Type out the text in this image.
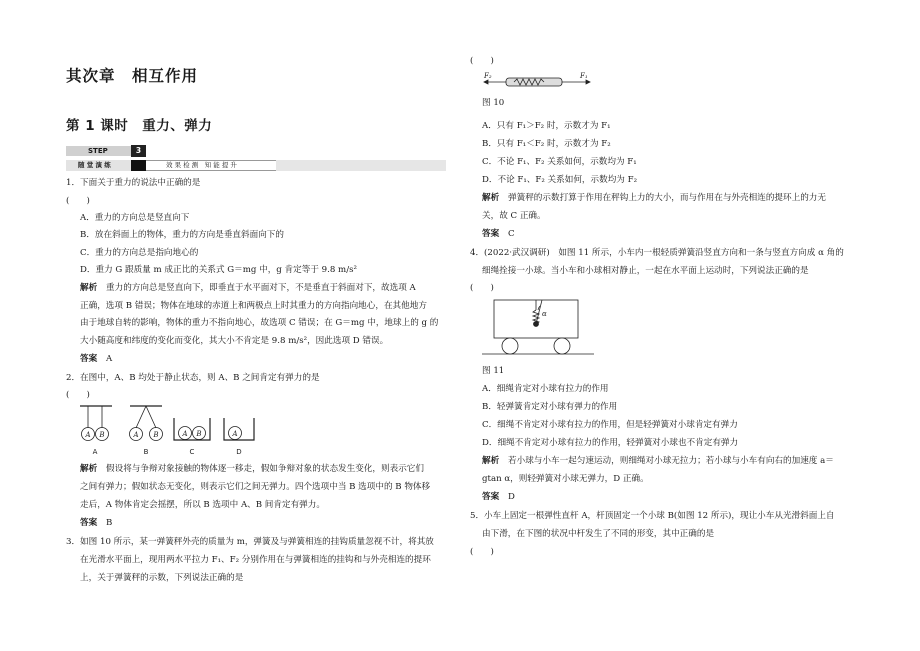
其次章　相互作用
第 1 课时　重力、弹力
STEP	3
随 堂 演 练	效 果 检 测　知 能 提 升
1．下面关于重力的说法中正确的是
(　　)
A．重力的方向总是竖直向下
B．放在斜面上的物体，重力的方向是垂直斜面向下的
C．重力的方向总是指向地心的
D．重力 G 跟质量 m 成正比的关系式 G＝mg 中，g 肯定等于 9.8 m/s²
解析 重力的方向总是竖直向下，即垂直于水平面对下，不是垂直于斜面对下，故选项 A
正确，选项 B 错误；物体在地球的赤道上和两极点上时其重力的方向指向地心，在其他地方
由于地球自转的影响，物体的重力不指向地心，故选项 C 错误；在 G＝mg 中，地球上的 g 的
大小随高度和纬度的变化而变化，其大小不肯定是 9.8 m/s²，因此选项 D 错误。
答案 A
2．在图中，A、B 均处于静止状态，则 A、B 之间肯定有弹力的是
(　　)
A B	A B	A B	A
A	B	C	D
解析 假设将与争辩对象接触的物体逐一移走，假如争辩对象的状态发生变化，则表示它们
之间有弹力；假如状态无变化，则表示它们之间无弹力。四个选项中当 B 选项中的 B 物体移
走后，A 物体肯定会摇摆，所以 B 选项中 A、B 间肯定有弹力。
答案 B
3．如图 10 所示，某一弹簧秤外壳的质量为 m，弹簧及与弹簧相连的挂钩质量忽视不计，将其放
在光滑水平面上，现用两水平拉力 F₁、F₂ 分别作用在与弹簧相连的挂钩和与外壳相连的提环
上，关于弹簧秤的示数，下列说法正确的是
(　　)
F₂	F₁
图 10
A．只有 F₁＞F₂ 时，示数才为 F₁
B．只有 F₁＜F₂ 时，示数才为 F₂
C．不论 F₁、F₂ 关系如何，示数均为 F₁
D．不论 F₁、F₂ 关系如何，示数均为 F₂
解析 弹簧秤的示数打算于作用在秤钩上力的大小，而与作用在与外壳相连的提环上的力无
关，故 C 正确。
答案 C
4．(2022·武汉调研)　如图 11 所示，小车内一根轻质弹簧沿竖直方向和一条与竖直方向成 α 角的
细绳拴接一小球。当小车和小球相对静止，一起在水平面上运动时，下列说法正确的是
(　　)
α
图 11
A．细绳肯定对小球有拉力的作用
B．轻弹簧肯定对小球有弹力的作用
C．细绳不肯定对小球有拉力的作用，但是轻弹簧对小球肯定有弹力
D．细绳不肯定对小球有拉力的作用，轻弹簧对小球也不肯定有弹力
解析 若小球与小车一起匀速运动，则细绳对小球无拉力；若小球与小车有向右的加速度 a＝
gtan α，则轻弹簧对小球无弹力，D 正确。
答案 D
5．小车上固定一根弹性直杆 A，杆顶固定一个小球 B(如图 12 所示)，现让小车从光滑斜面上自
由下滑，在下图的状况中杆发生了不同的形变，其中正确的是
(　　)
